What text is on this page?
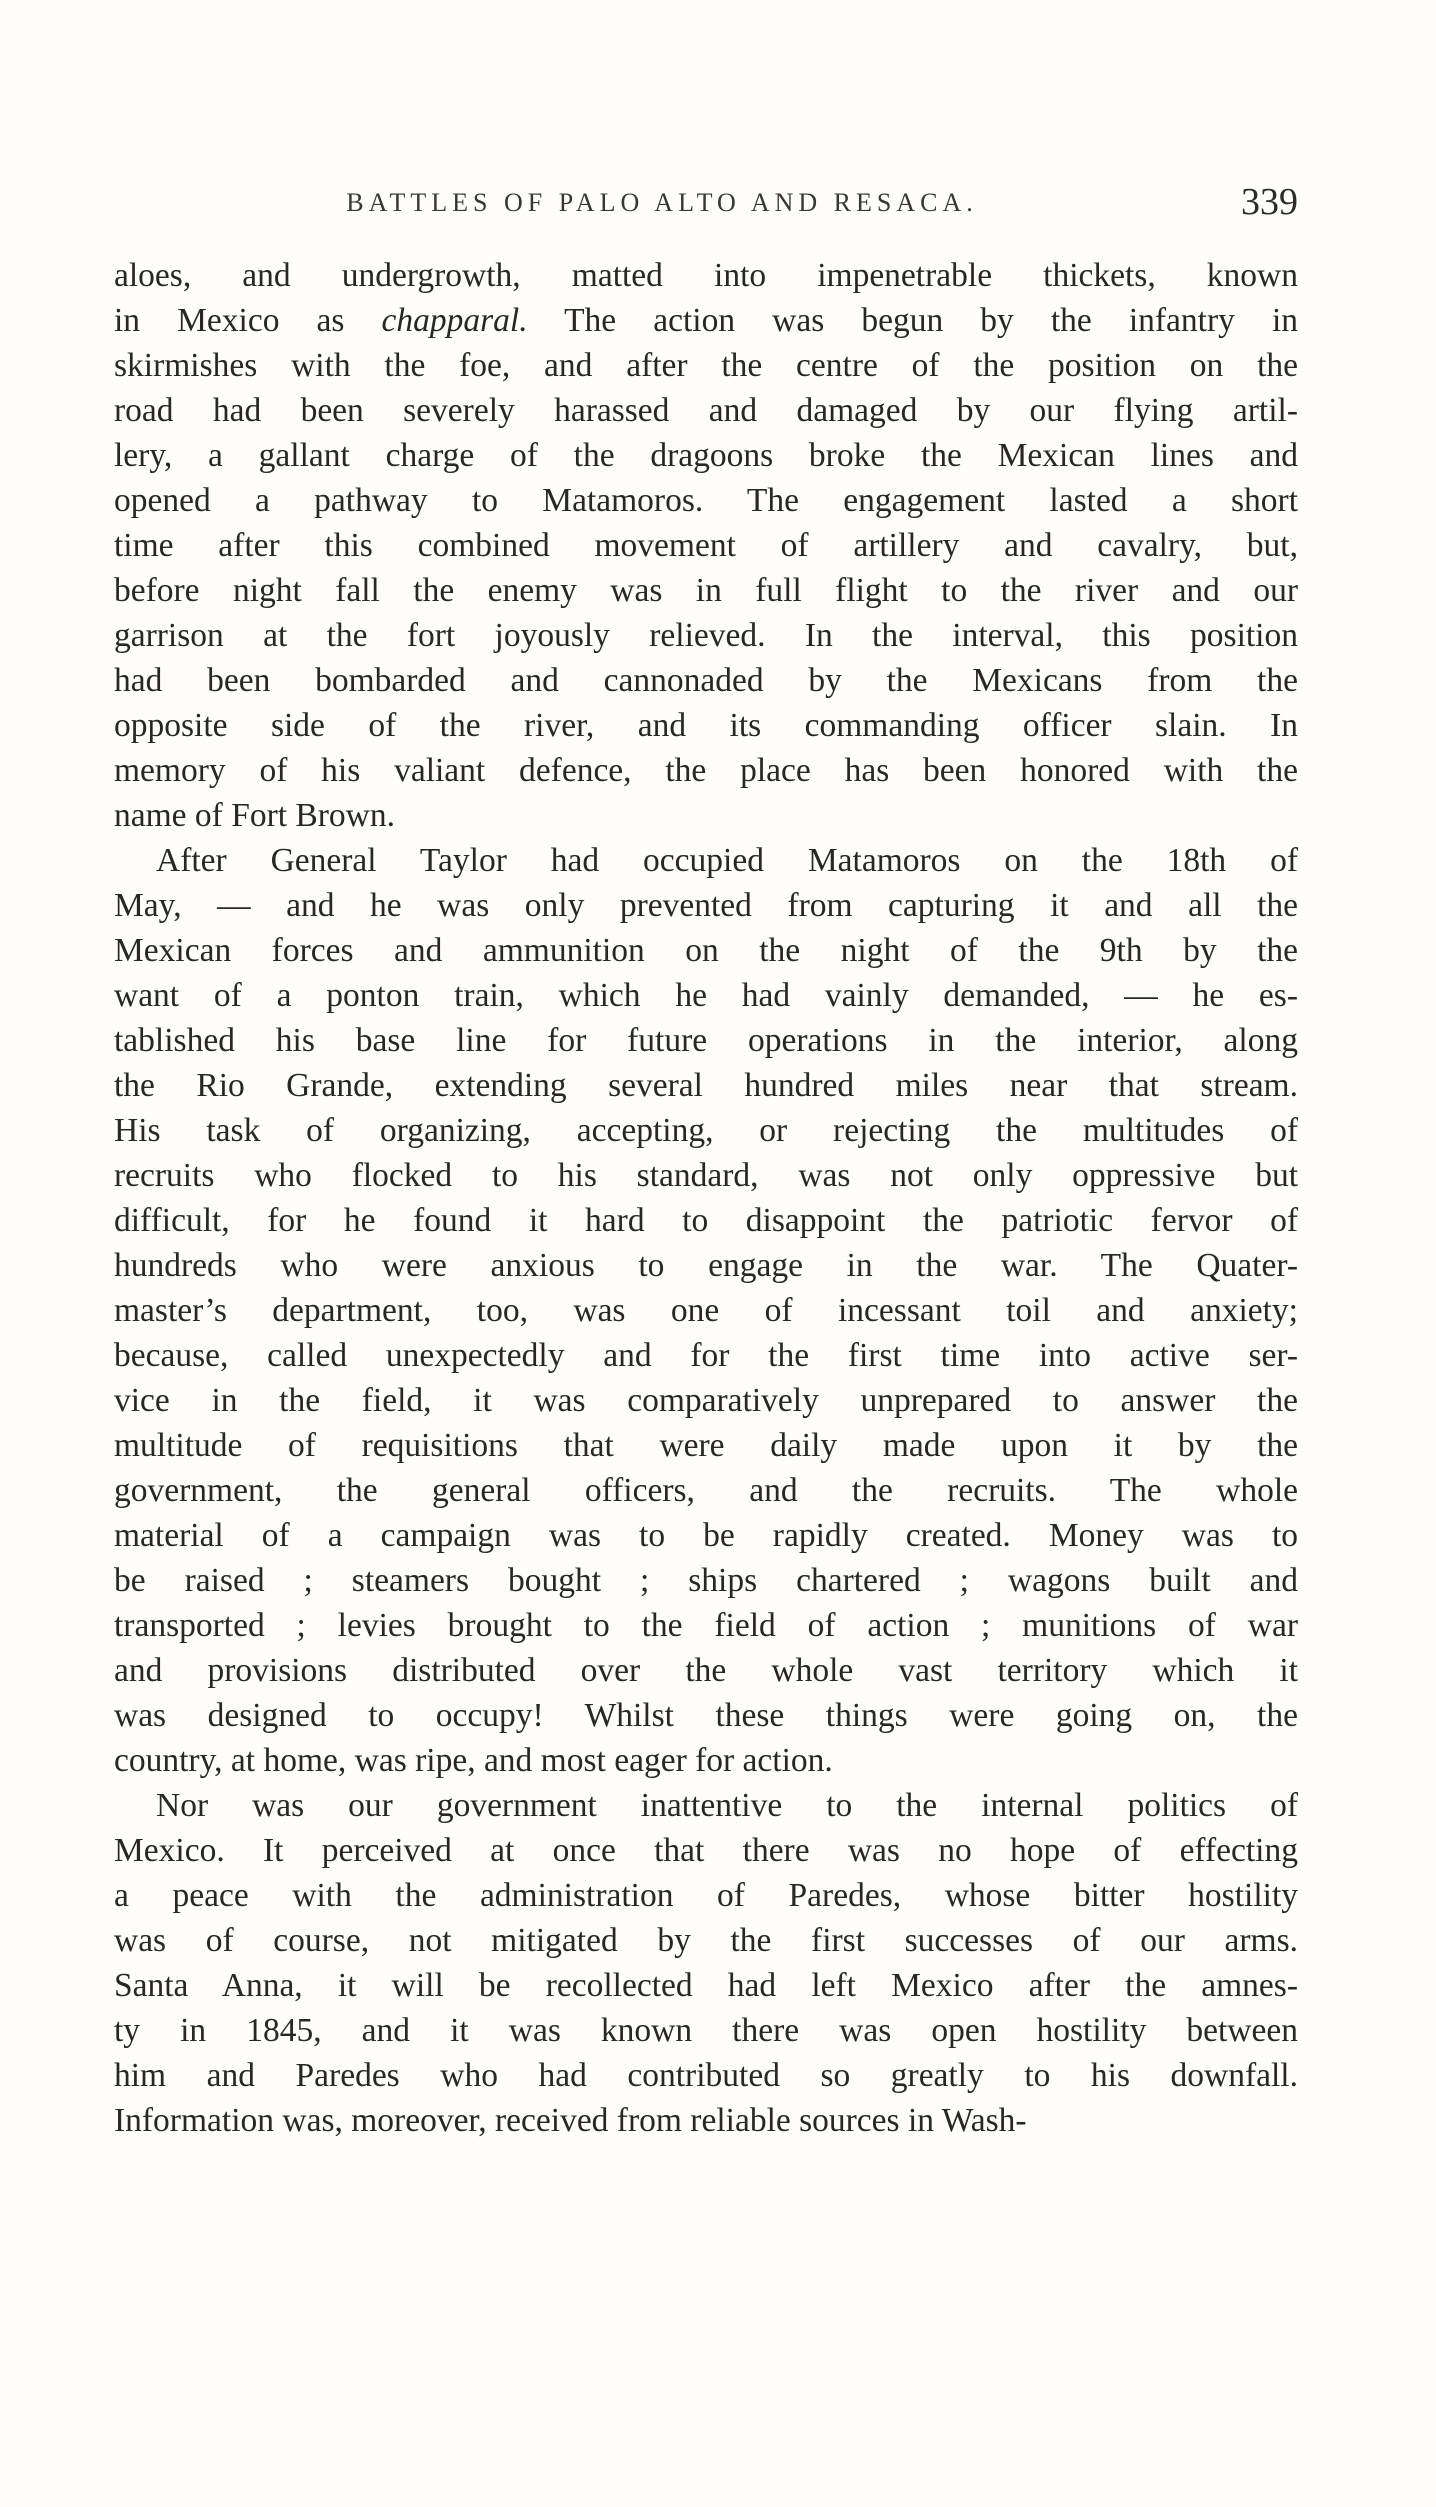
BATTLES OF PALO ALTO AND RESACA.	339
aloes, and undergrowth, matted into impenetrable thickets, known
in Mexico as chapparal. The action was begun by the infantry in
skirmishes with the foe, and after the centre of the position on the
road had been severely harassed and damaged by our flying artil-
lery, a gallant charge of the dragoons broke the Mexican lines and
opened a pathway to Matamoros. The engagement lasted a short
time after this combined movement of artillery and cavalry, but,
before night fall the enemy was in full flight to the river and our
garrison at the fort joyously relieved. In the interval, this position
had been bombarded and cannonaded by the Mexicans from the
opposite side of the river, and its commanding officer slain. In
memory of his valiant defence, the place has been honored with the
name of Fort Brown.
After General Taylor had occupied Matamoros on the 18th of
May, — and he was only prevented from capturing it and all the
Mexican forces and ammunition on the night of the 9th by the
want of a ponton train, which he had vainly demanded, — he es-
tablished his base line for future operations in the interior, along
the Rio Grande, extending several hundred miles near that stream.
His task of organizing, accepting, or rejecting the multitudes of
recruits who flocked to his standard, was not only oppressive but
difficult, for he found it hard to disappoint the patriotic fervor of
hundreds who were anxious to engage in the war. The Quater-
master’s department, too, was one of incessant toil and anxiety;
because, called unexpectedly and for the first time into active ser-
vice in the field, it was comparatively unprepared to answer the
multitude of requisitions that were daily made upon it by the
government, the general officers, and the recruits. The whole
material of a campaign was to be rapidly created. Money was to
be raised ; steamers bought ; ships chartered ; wagons built and
transported ; levies brought to the field of action ; munitions of war
and provisions distributed over the whole vast territory which it
was designed to occupy! Whilst these things were going on, the
country, at home, was ripe, and most eager for action.
Nor was our government inattentive to the internal politics of
Mexico. It perceived at once that there was no hope of effecting
a peace with the administration of Paredes, whose bitter hostility
was of course, not mitigated by the first successes of our arms.
Santa Anna, it will be recollected had left Mexico after the amnes-
ty in 1845, and it was known there was open hostility between
him and Paredes who had contributed so greatly to his downfall.
Information was, moreover, received from reliable sources in Wash-
